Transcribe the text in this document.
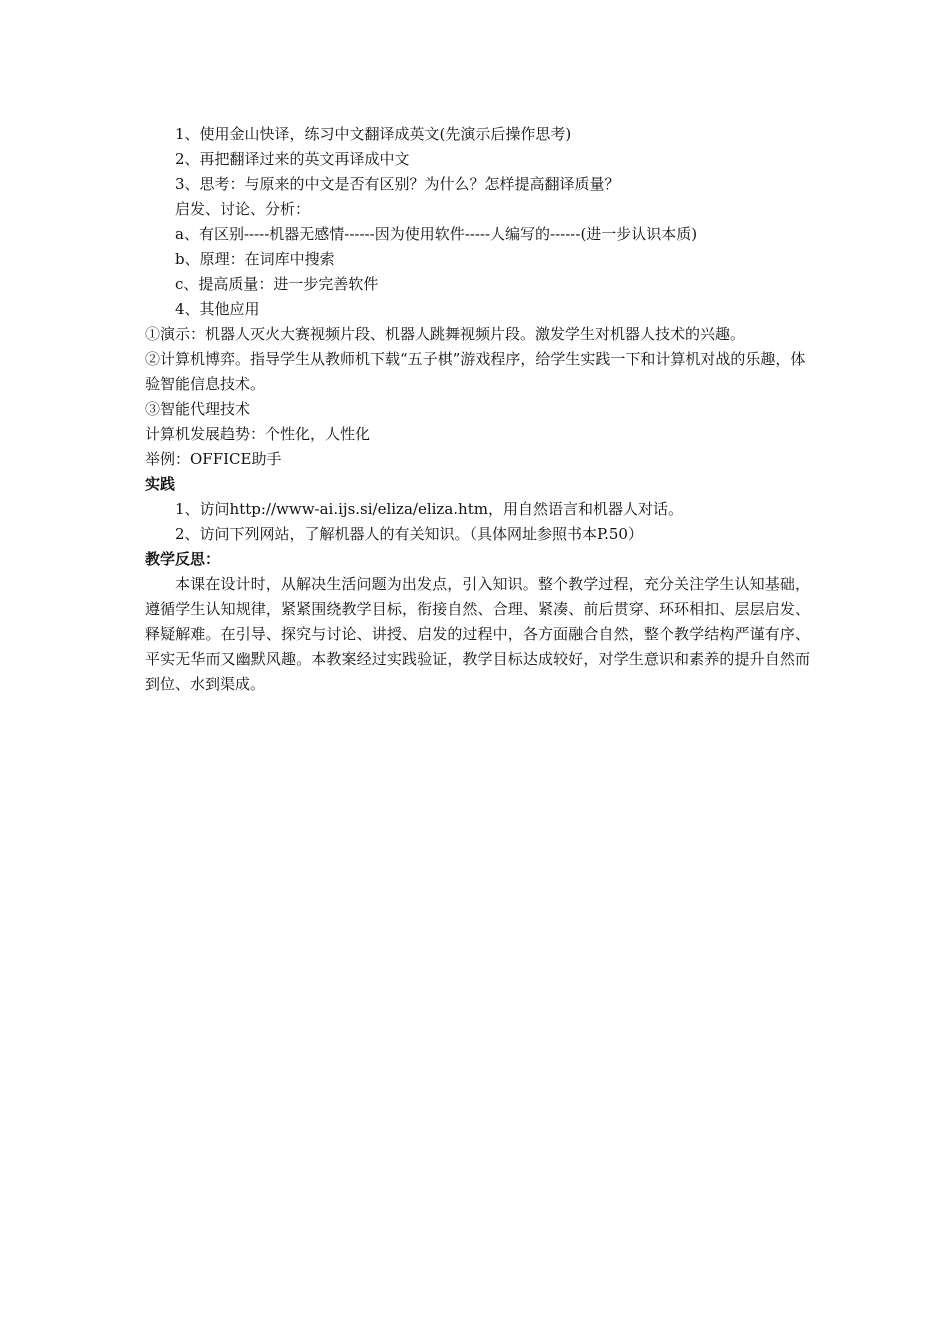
1、使用金山快译，练习中文翻译成英文(先演示后操作思考)

2、再把翻译过来的英文再译成中文

3、思考：与原来的中文是否有区别？为什么？怎样提高翻译质量？

启发、讨论、分析：

a、有区别-----机器无感情------因为使用软件-----人编写的------(进一步认识本质)

b、原理：在词库中搜索

c、提高质量：进一步完善软件

4、其他应用

①演示：机器人灭火大赛视频片段、机器人跳舞视频片段。激发学生对机器人技术的兴趣。

②计算机博弈。指导学生从教师机下载“五子棋”游戏程序，给学生实践一下和计算机对战的乐趣，体验智能信息技术。

③智能代理技术

计算机发展趋势：个性化，人性化

举例：OFFICE助手

实践

1、访问http://www-ai.ijs.si/eliza/eliza.htm，用自然语言和机器人对话。

2、访问下列网站，了解机器人的有关知识。（具体网址参照书本P.50）

教学反思：

本课在设计时，从解决生活问题为出发点，引入知识。整个教学过程，充分关注学生认知基础，遵循学生认知规律，紧紧围绕教学目标，衔接自然、合理、紧凑、前后贯穿、环环相扣、层层启发、释疑解难。在引导、探究与讨论、讲授、启发的过程中，各方面融合自然，整个教学结构严谨有序、平实无华而又幽默风趣。本教案经过实践验证，教学目标达成较好，对学生意识和素养的提升自然而到位、水到渠成。
